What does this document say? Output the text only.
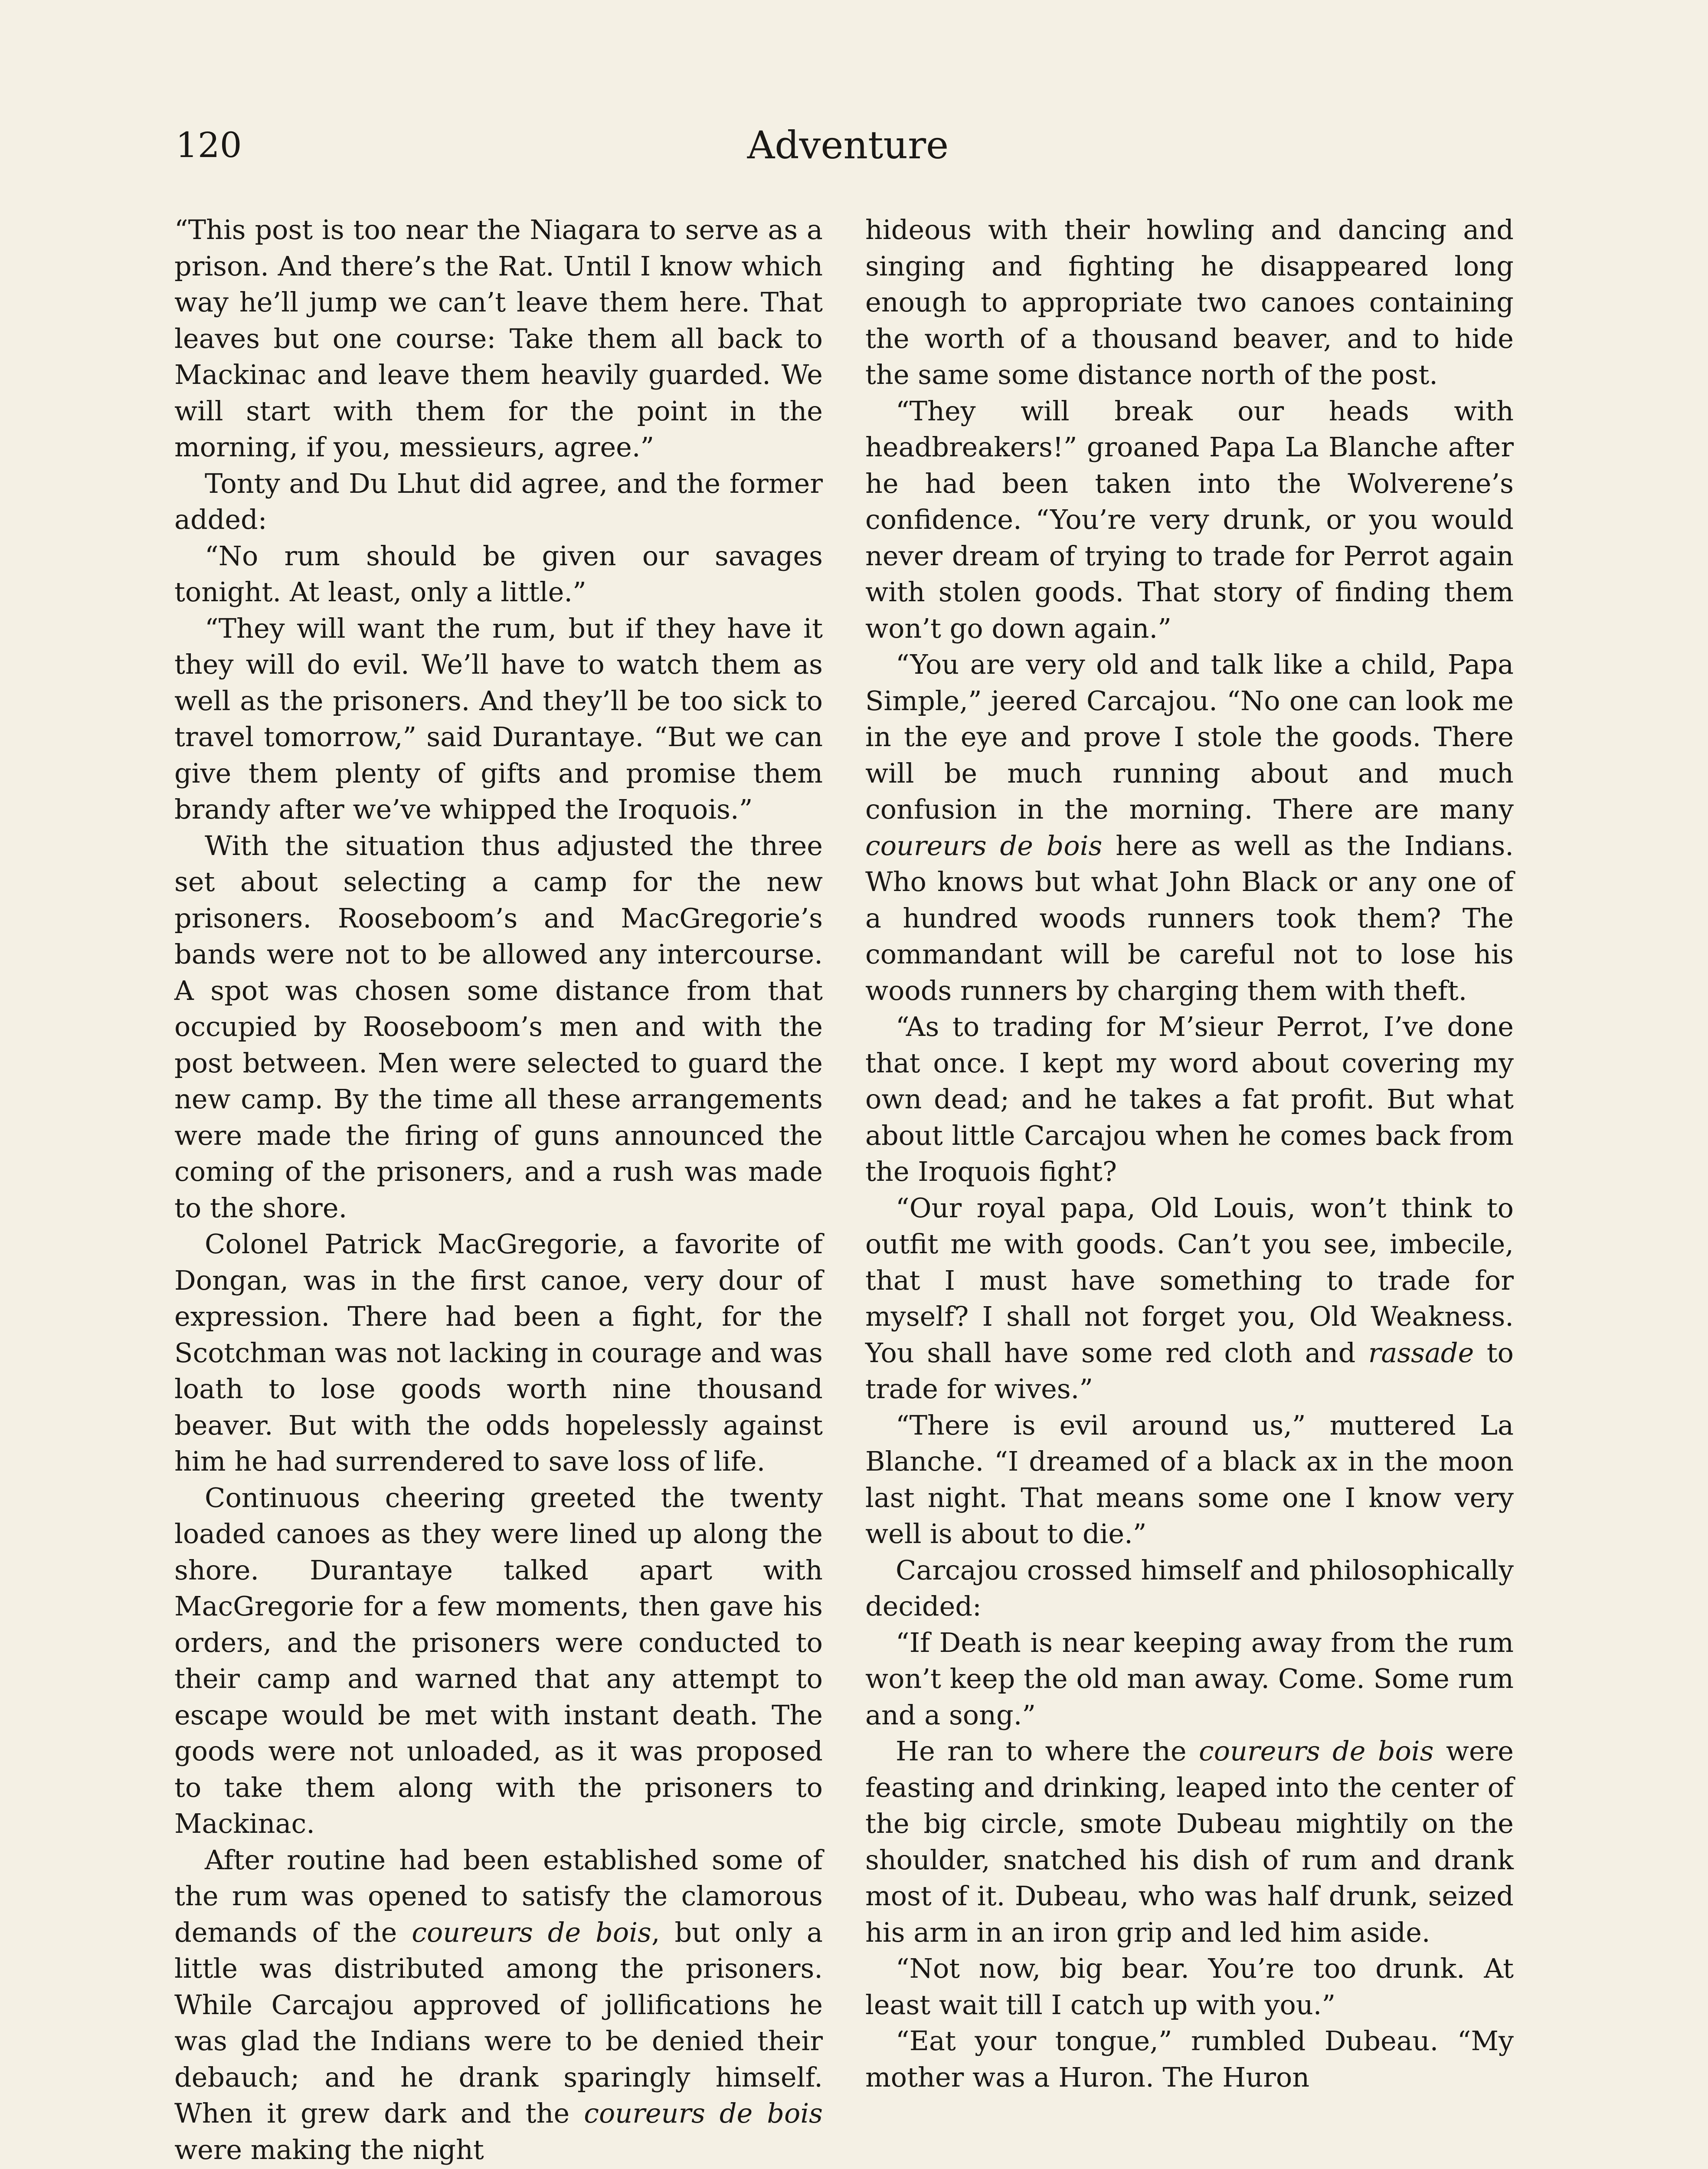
120	Adventure

“This post is too near the Niagara to serve as a prison. And there’s the Rat. Until I know which way he’ll jump we can’t leave them here. That leaves but one course: Take them all back to Mackinac and leave them heavily guarded. We will start with them for the point in the morning, if you, messieurs, agree.”

Tonty and Du Lhut did agree, and the former added:

“No rum should be given our savages tonight. At least, only a little.”

“They will want the rum, but if they have it they will do evil. We’ll have to watch them as well as the prisoners. And they’ll be too sick to travel tomorrow,” said Durantaye. “But we can give them plenty of gifts and promise them brandy after we’ve whipped the Iroquois.”

With the situation thus adjusted the three set about selecting a camp for the new prisoners. Rooseboom’s and MacGregorie’s bands were not to be allowed any intercourse. A spot was chosen some distance from that occupied by Rooseboom’s men and with the post between. Men were selected to guard the new camp. By the time all these arrangements were made the firing of guns announced the coming of the prisoners, and a rush was made to the shore.

Colonel Patrick MacGregorie, a favorite of Dongan, was in the first canoe, very dour of expression. There had been a fight, for the Scotchman was not lacking in courage and was loath to lose goods worth nine thousand beaver. But with the odds hopelessly against him he had surrendered to save loss of life.

Continuous cheering greeted the twenty loaded canoes as they were lined up along the shore. Durantaye talked apart with MacGregorie for a few moments, then gave his orders, and the prisoners were conducted to their camp and warned that any attempt to escape would be met with instant death. The goods were not unloaded, as it was proposed to take them along with the prisoners to Mackinac.

After routine had been established some of the rum was opened to satisfy the clamorous demands of the coureurs de bois, but only a little was distributed among the prisoners. While Carcajou approved of jollifications he was glad the Indians were to be denied their debauch; and he drank sparingly himself. When it grew dark and the coureurs de bois were making the night

hideous with their howling and dancing and singing and fighting he disappeared long enough to appropriate two canoes containing the worth of a thousand beaver, and to hide the same some distance north of the post.

“They will break our heads with headbreakers!” groaned Papa La Blanche after he had been taken into the Wolverene’s confidence. “You’re very drunk, or you would never dream of trying to trade for Perrot again with stolen goods. That story of finding them won’t go down again.”

“You are very old and talk like a child, Papa Simple,” jeered Carcajou. “No one can look me in the eye and prove I stole the goods. There will be much running about and much confusion in the morning. There are many coureurs de bois here as well as the Indians. Who knows but what John Black or any one of a hundred woods runners took them? The commandant will be careful not to lose his woods runners by charging them with theft.

“As to trading for M’sieur Perrot, I’ve done that once. I kept my word about covering my own dead; and he takes a fat profit. But what about little Carcajou when he comes back from the Iroquois fight?

“Our royal papa, Old Louis, won’t think to outfit me with goods. Can’t you see, imbecile, that I must have something to trade for myself? I shall not forget you, Old Weakness. You shall have some red cloth and rassade to trade for wives.”

“There is evil around us,” muttered La Blanche. “I dreamed of a black ax in the moon last night. That means some one I know very well is about to die.”

Carcajou crossed himself and philosophically decided:

“If Death is near keeping away from the rum won’t keep the old man away. Come. Some rum and a song.”

He ran to where the coureurs de bois were feasting and drinking, leaped into the center of the big circle, smote Dubeau mightily on the shoulder, snatched his dish of rum and drank most of it. Dubeau, who was half drunk, seized his arm in an iron grip and led him aside.

“Not now, big bear. You’re too drunk. At least wait till I catch up with you.”

“Eat your tongue,” rumbled Dubeau. “My mother was a Huron. The Huron
